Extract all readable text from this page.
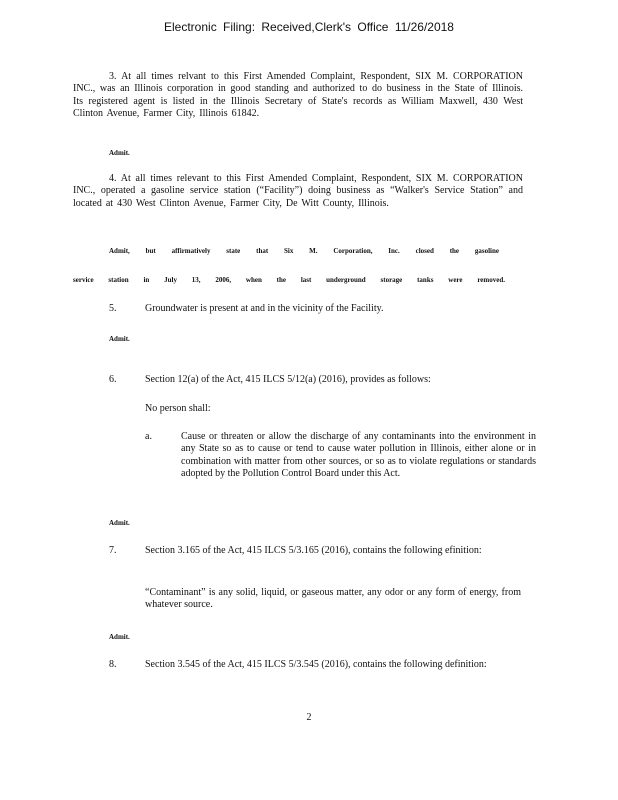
Electronic Filing: Received,Clerk's Office 11/26/2018
3. At all times relvant to this First Amended Complaint, Respondent, SIX M. CORPORATION INC., was an Illinois corporation in good standing and authorized to do business in the State of Illinois. Its registered agent is listed in the Illinois Secretary of State's records as William Maxwell, 430 West Clinton Avenue, Farmer City, Illinois 61842.
Admit.
4. At all times relevant to this First Amended Complaint, Respondent, SIX M. CORPORATION INC., operated a gasoline service station (“Facility”) doing business as “Walker's Service Station” and located at 430 West Clinton Avenue, Farmer City, De Witt County, Illinois.
Admit, but affirmatively state that Six M. Corporation, Inc. closed the gasoline
service station in July 13, 2006, when the last underground storage tanks were removed.
5.	Groundwater is present at and in the vicinity of the Facility.
Admit.
6.	Section 12(a) of the Act, 415 ILCS 5/12(a) (2016), provides as follows:
No person shall:
a.	Cause or threaten or allow the discharge of any contaminants into the environment in any State so as to cause or tend to cause water pollution in Illinois, either alone or in combination with matter from other sources, or so as to violate regulations or standards adopted by the Pollution Control Board under this Act.
Admit.
7.	Section 3.165 of the Act, 415 ILCS 5/3.165 (2016), contains the following efinition:
“Contaminant” is any solid, liquid, or gaseous matter, any odor or any form of energy, from whatever source.
Admit.
8.	Section 3.545 of the Act, 415 ILCS 5/3.545 (2016), contains the following definition:
2
